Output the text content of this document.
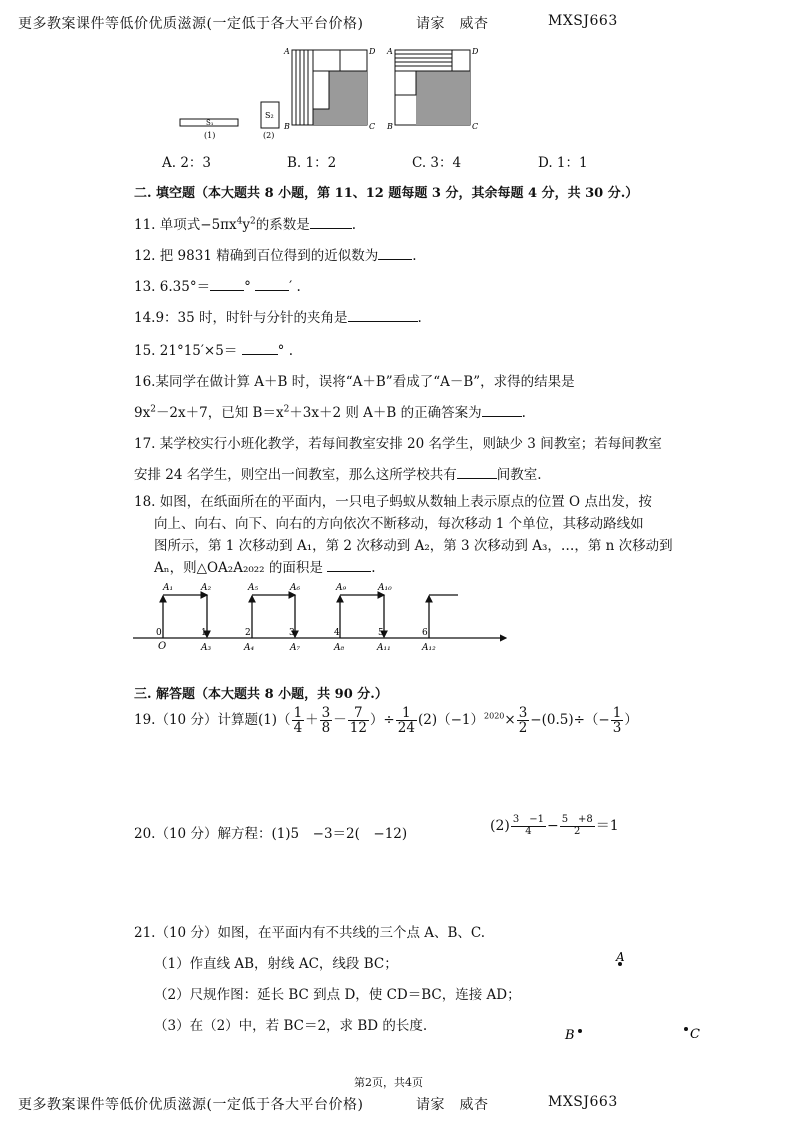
更多教案课件等低价优质滋源(一定低于各大平台价格)	请家　威杏	MXSJ663
S₁
(1)
S₂
(2)
A	D
B	C
A	D
B	C
A. 2：3	B. 1：2	C. 3：4	D. 1：1
二. 填空题（本大题共 8 小题，第 11、12 题每题 3 分，其余每题 4 分，共 30 分.）
11. 单项式$-5\pi x^4y^2$的系数是	.
12. 把 9831 精确到百位得到的近似数为	.
13. 6.35°＝	°	′ .
14.9：35 时，时针与分针的夹角是	.
15. 21°15′×5＝	° .
16.某同学在做计算 A＋B 时，误将“A＋B”看成了“A－B”，求得的结果是
$9x^2-2x+7$，已知 $B=x^2+3x+2$ 则 A＋B 的正确答案为	.
17. 某学校实行小班化教学，若每间教室安排 20 名学生，则缺少 3 间教室；若每间教室
安排 24 名学生，则空出一间教室，那么这所学校共有	间教室.
18. 如图，在纸面所在的平面内，一只电子蚂蚁从数轴上表示原点的位置 O 点出发，按
向上、向右、向下、向右的方向依次不断移动，每次移动 1 个单位，其移动路线如
图所示，第 1 次移动到 A₁，第 2 次移动到 A₂，第 3 次移动到 A₃，…，第 n 次移动到
Aₙ，则△OA₂A₂₀₂₂ 的面积是	.
A₁	A₂	A₅	A₆	A₉	A₁₀
0	1	2	3	4	5	6
O	A₃	A₄	A₇	A₈	A₁₁	A₁₂
三. 解答题（本大题共 8 小题，共 90 分.）
19.（10 分）计算题$(1)( \frac{1}{4} + \frac{3}{8} - \frac{7}{12}$ ）÷ $\frac{1}{24} (2)(-1)^{2020}\times \frac{3}{2} -(0.5)\div(- \frac{1}{3}$ ）
20.（10 分）解方程：(1)5　−3＝2(　−12)	$(2) \frac{3 -1}{4} - \frac{5 +8}{2} =1$
21.（10 分）如图，在平面内有不共线的三个点 A、B、C.
（1）作直线 AB，射线 AC，线段 BC；
（2）尺规作图：延长 BC 到点 D，使 CD＝BC，连接 AD；
（3）在（2）中，若 BC＝2，求 BD 的长度.
A
B	C
第2页，共4页
更多教案课件等低价优质滋源(一定低于各大平台价格)	请家　威杏	MXSJ663
